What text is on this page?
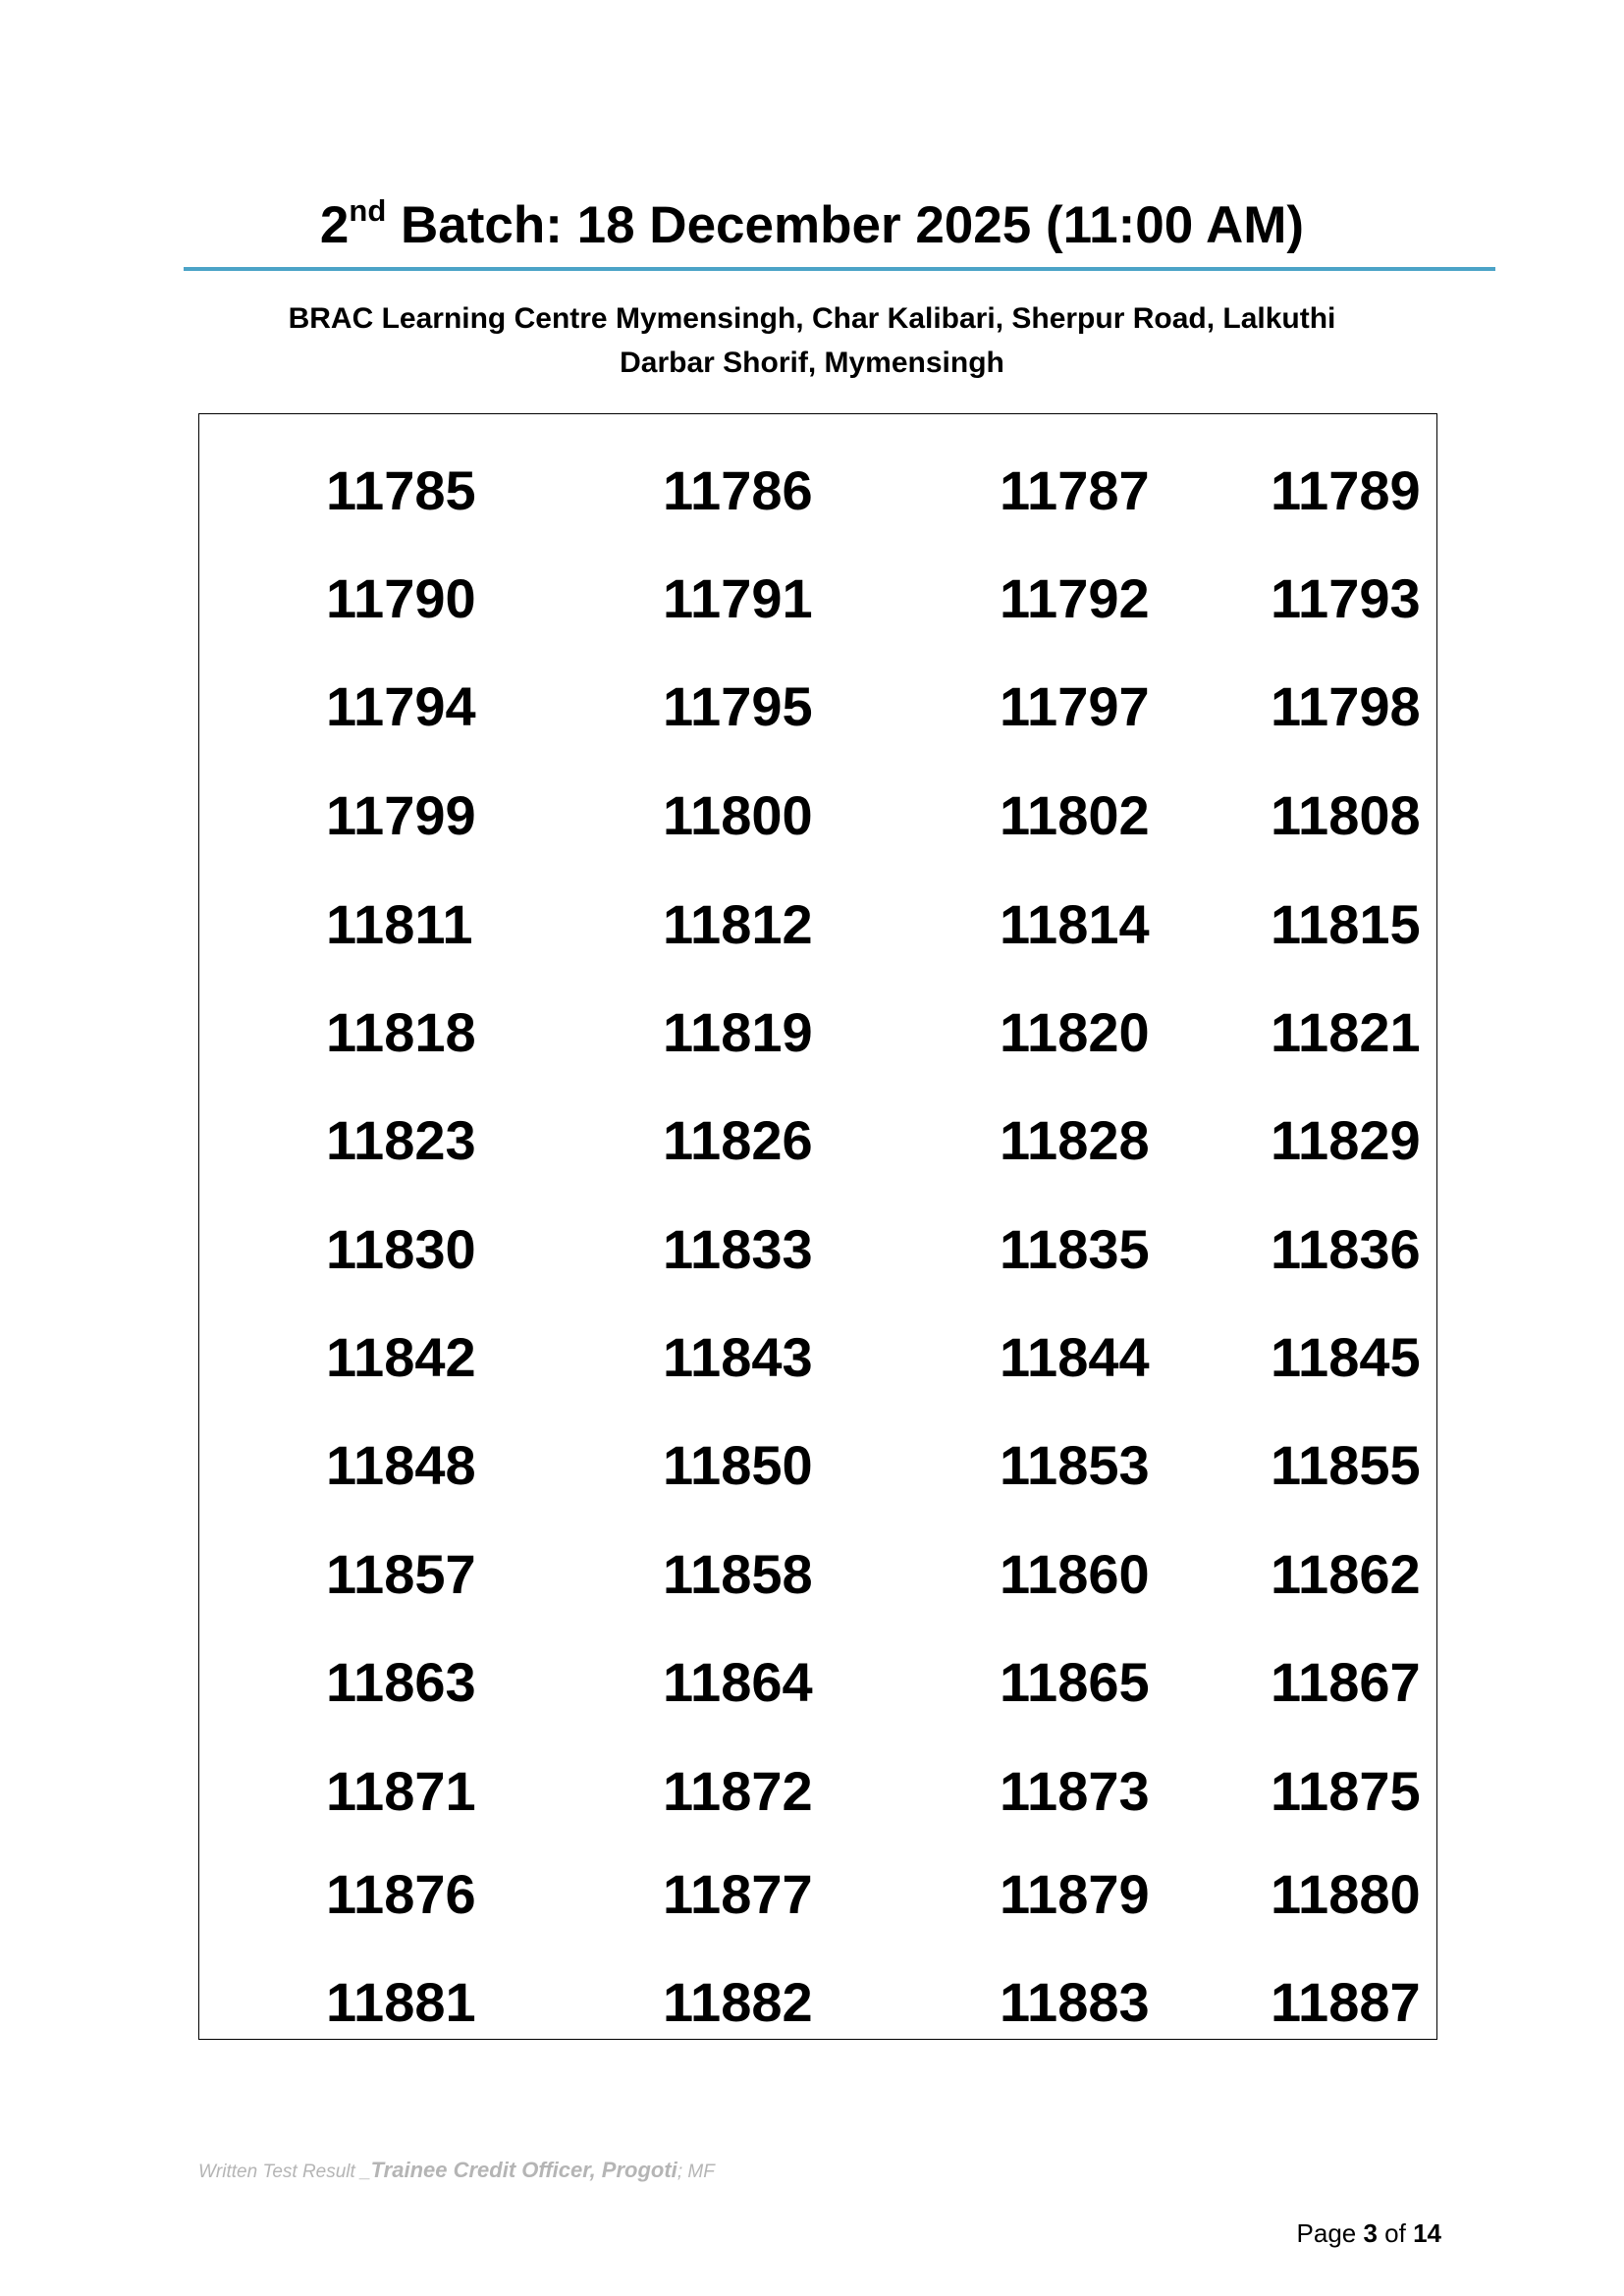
2nd Batch: 18 December 2025 (11:00 AM)
BRAC Learning Centre Mymensingh, Char Kalibari, Sherpur Road, Lalkuthi
Darbar Shorif, Mymensingh
11785	11786	11787 11789
11790	11791	11792 11793
11794	11795	11797 11798
11799	11800	11802 11808
11811	11812	11814 11815
11818	11819	11820 11821
11823	11826	11828 11829
11830	11833	11835 11836
11842	11843	11844 11845
11848	11850	11853 11855
11857	11858	11860 11862
11863	11864	11865 11867
11871	11872	11873 11875
11876	11877	11879 11880
11881	11882	11883 11887
Written Test Result _Trainee Credit Officer, Progoti; MF
Page 3 of 14
